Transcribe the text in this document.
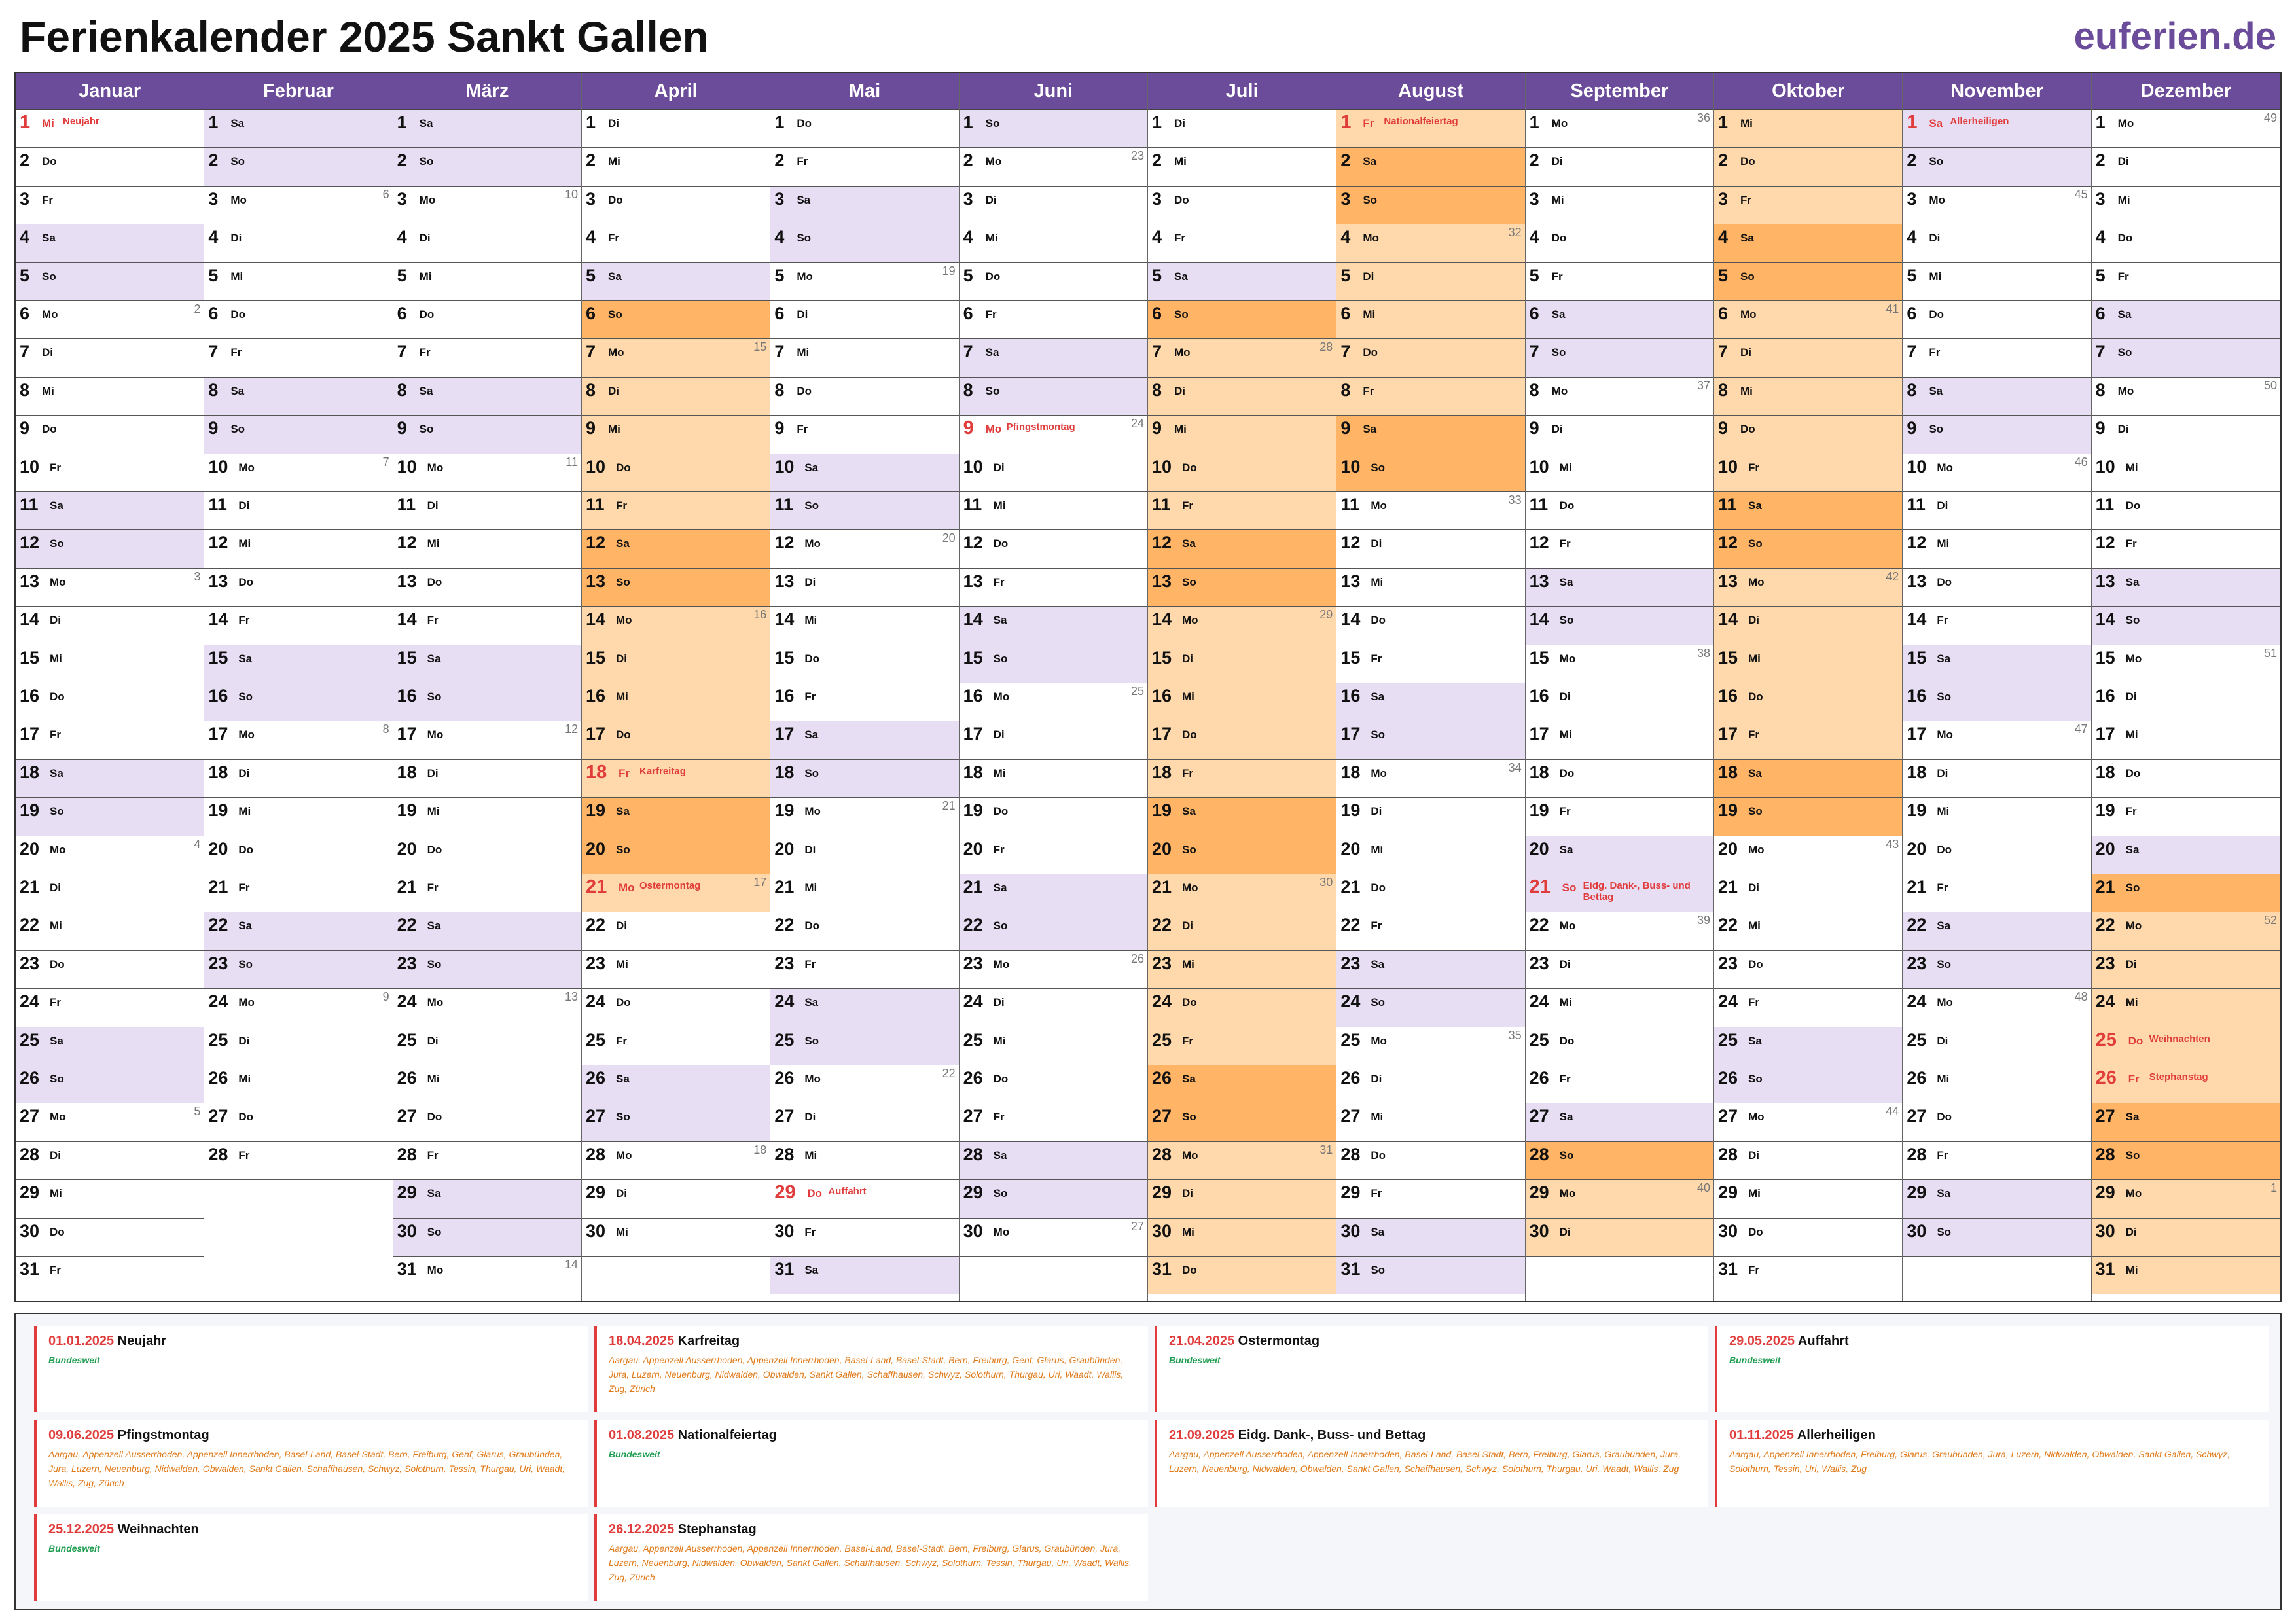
Ferienkalender 2025 Sankt Gallen	euferien.de
Januar
1 Mi Neujahr
2 Do
3 Fr
4 Sa
5 So
6 Mo	2
7 Di
8 Mi
9 Do
10 Fr
11 Sa
12 So
13 Mo	3
14 Di
15 Mi
16 Do
17 Fr
18 Sa
19 So
20 Mo	4
21 Di
22 Mi
23 Do
24 Fr
25 Sa
26 So
27 Mo	5
28 Di
29 Mi
30 Do
31 Fr
Februar
1 Sa
2 So
3 Mo	6
4 Di
5 Mi
6 Do
7 Fr
8 Sa
9 So
10 Mo	7
11 Di
12 Mi
13 Do
14 Fr
15 Sa
16 So
17 Mo	8
18 Di
19 Mi
20 Do
21 Fr
22 Sa
23 So
24 Mo	9
25 Di
26 Mi
27 Do
28 Fr
März
1 Sa
2 So
3 Mo	10
4 Di
5 Mi
6 Do
7 Fr
8 Sa
9 So
10 Mo	11
11 Di
12 Mi
13 Do
14 Fr
15 Sa
16 So
17 Mo	12
18 Di
19 Mi
20 Do
21 Fr
22 Sa
23 So
24 Mo	13
25 Di
26 Mi
27 Do
28 Fr
29 Sa
30 So
31 Mo	14
April
1 Di
2 Mi
3 Do
4 Fr
5 Sa
6 So
7 Mo	15
8 Di
9 Mi
10 Do
11 Fr
12 Sa
13 So
14 Mo	16
15 Di
16 Mi
17 Do
18 Fr Karfreitag
19 Sa
20 So
21 Mo Ostermontag	17
22 Di
23 Mi
24 Do
25 Fr
26 Sa
27 So
28 Mo	18
29 Di
30 Mi
Mai
1 Do
2 Fr
3 Sa
4 So
5 Mo	19
6 Di
7 Mi
8 Do
9 Fr
10 Sa
11 So
12 Mo	20
13 Di
14 Mi
15 Do
16 Fr
17 Sa
18 So
19 Mo	21
20 Di
21 Mi
22 Do
23 Fr
24 Sa
25 So
26 Mo	22
27 Di
28 Mi
29 Do Auffahrt
30 Fr
31 Sa
Juni
1 So
2 Mo	23
3 Di
4 Mi
5 Do
6 Fr
7 Sa
8 So
9 Mo Pfingstmontag	24
10 Di
11 Mi
12 Do
13 Fr
14 Sa
15 So
16 Mo	25
17 Di
18 Mi
19 Do
20 Fr
21 Sa
22 So
23 Mo	26
24 Di
25 Mi
26 Do
27 Fr
28 Sa
29 So
30 Mo	27
Juli
1 Di
2 Mi
3 Do
4 Fr
5 Sa
6 So
7 Mo	28
8 Di
9 Mi
10 Do
11 Fr
12 Sa
13 So
14 Mo	29
15 Di
16 Mi
17 Do
18 Fr
19 Sa
20 So
21 Mo	30
22 Di
23 Mi
24 Do
25 Fr
26 Sa
27 So
28 Mo	31
29 Di
30 Mi
31 Do
August
1 Fr Nationalfeiertag
2 Sa
3 So
4 Mo	32
5 Di
6 Mi
7 Do
8 Fr
9 Sa
10 So
11 Mo	33
12 Di
13 Mi
14 Do
15 Fr
16 Sa
17 So
18 Mo	34
19 Di
20 Mi
21 Do
22 Fr
23 Sa
24 So
25 Mo	35
26 Di
27 Mi
28 Do
29 Fr
30 Sa
31 So
September
1 Mo	36
2 Di
3 Mi
4 Do
5 Fr
6 Sa
7 So
8 Mo	37
9 Di
10 Mi
11 Do
12 Fr
13 Sa
14 So
15 Mo	38
16 Di
17 Mi
18 Do
19 Fr
20 Sa
21 So Eidg. Dank-, Buss- und Bettag
22 Mo	39
23 Di
24 Mi
25 Do
26 Fr
27 Sa
28 So
29 Mo	40
30 Di
Oktober
1 Mi
2 Do
3 Fr
4 Sa
5 So
6 Mo	41
7 Di
8 Mi
9 Do
10 Fr
11 Sa
12 So
13 Mo	42
14 Di
15 Mi
16 Do
17 Fr
18 Sa
19 So
20 Mo	43
21 Di
22 Mi
23 Do
24 Fr
25 Sa
26 So
27 Mo	44
28 Di
29 Mi
30 Do
31 Fr
November
1 Sa Allerheiligen
2 So
3 Mo	45
4 Di
5 Mi
6 Do
7 Fr
8 Sa
9 So
10 Mo	46
11 Di
12 Mi
13 Do
14 Fr
15 Sa
16 So
17 Mo	47
18 Di
19 Mi
20 Do
21 Fr
22 Sa
23 So
24 Mo	48
25 Di
26 Mi
27 Do
28 Fr
29 Sa
30 So
Dezember
1 Mo	49
2 Di
3 Mi
4 Do
5 Fr
6 Sa
7 So
8 Mo	50
9 Di
10 Mi
11 Do
12 Fr
13 Sa
14 So
15 Mo	51
16 Di
17 Mi
18 Do
19 Fr
20 Sa
21 So
22 Mo	52
23 Di
24 Mi
25 Do Weihnachten
26 Fr Stephanstag
27 Sa
28 So
29 Mo	1
30 Di
31 Mi
01.01.2025 Neujahr
Bundesweit
18.04.2025 Karfreitag
Aargau, Appenzell Ausserrhoden, Appenzell Innerrhoden, Basel-Land, Basel-Stadt, Bern, Freiburg, Genf, Glarus, Graubünden, Jura, Luzern, Neuenburg, Nidwalden, Obwalden, Sankt Gallen, Schaffhausen, Schwyz, Solothurn, Thurgau, Uri, Waadt, Wallis, Zug, Zürich
21.04.2025 Ostermontag
Bundesweit
29.05.2025 Auffahrt
Bundesweit
09.06.2025 Pfingstmontag
Aargau, Appenzell Ausserrhoden, Appenzell Innerrhoden, Basel-Land, Basel-Stadt, Bern, Freiburg, Genf, Glarus, Graubünden, Jura, Luzern, Neuenburg, Nidwalden, Obwalden, Sankt Gallen, Schaffhausen, Schwyz, Solothurn, Tessin, Thurgau, Uri, Waadt, Wallis, Zug, Zürich
01.08.2025 Nationalfeiertag
Bundesweit
21.09.2025 Eidg. Dank-, Buss- und Bettag
Aargau, Appenzell Ausserrhoden, Appenzell Innerrhoden, Basel-Land, Basel-Stadt, Bern, Freiburg, Glarus, Graubünden, Jura, Luzern, Neuenburg, Nidwalden, Obwalden, Sankt Gallen, Schaffhausen, Schwyz, Solothurn, Thurgau, Uri, Waadt, Wallis, Zug
01.11.2025 Allerheiligen
Aargau, Appenzell Innerrhoden, Freiburg, Glarus, Graubünden, Jura, Luzern, Nidwalden, Obwalden, Sankt Gallen, Schwyz, Solothurn, Tessin, Uri, Wallis, Zug
25.12.2025 Weihnachten
Bundesweit
26.12.2025 Stephanstag
Aargau, Appenzell Ausserrhoden, Appenzell Innerrhoden, Basel-Land, Basel-Stadt, Bern, Freiburg, Glarus, Graubünden, Jura, Luzern, Neuenburg, Nidwalden, Obwalden, Sankt Gallen, Schaffhausen, Schwyz, Solothurn, Tessin, Thurgau, Uri, Waadt, Wallis, Zug, Zürich
